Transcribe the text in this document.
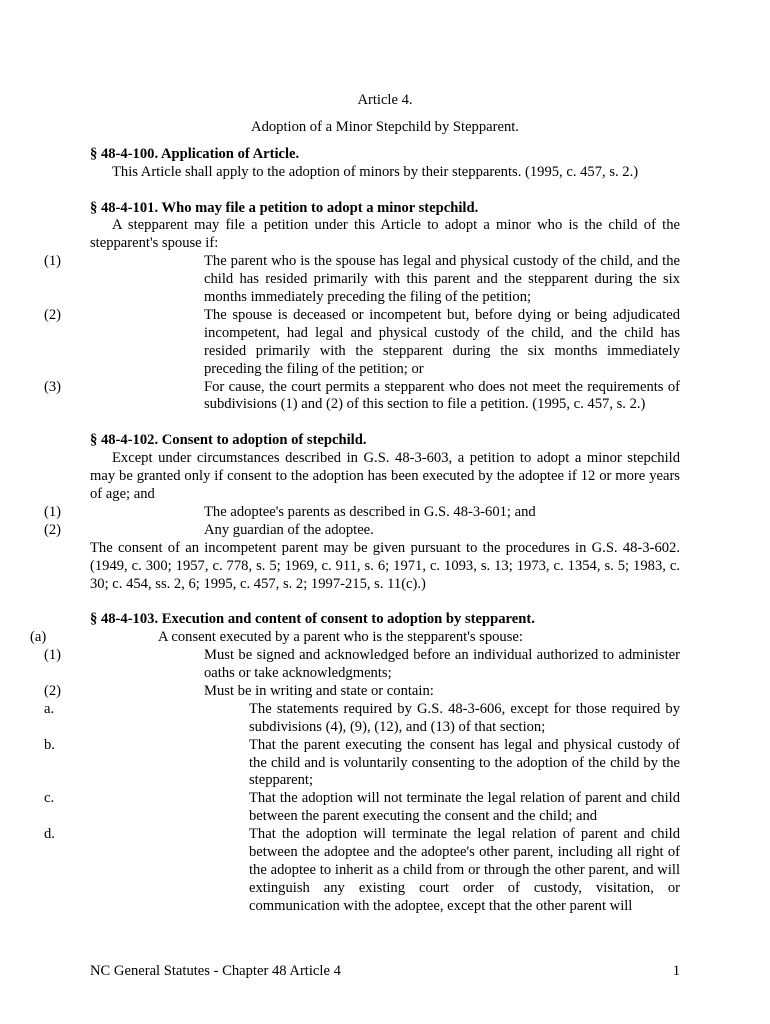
Article 4.

Adoption of a Minor Stepchild by Stepparent.

§ 48-4-100. Application of Article.

This Article shall apply to the adoption of minors by their stepparents. (1995, c. 457, s. 2.)

§ 48-4-101. Who may file a petition to adopt a minor stepchild.

A stepparent may file a petition under this Article to adopt a minor who is the child of the stepparent's spouse if:

(1)	The parent who is the spouse has legal and physical custody of the child, and the child has resided primarily with this parent and the stepparent during the six months immediately preceding the filing of the petition;
(2)	The spouse is deceased or incompetent but, before dying or being adjudicated incompetent, had legal and physical custody of the child, and the child has resided primarily with the stepparent during the six months immediately preceding the filing of the petition; or
(3)	For cause, the court permits a stepparent who does not meet the requirements of subdivisions (1) and (2) of this section to file a petition. (1995, c. 457, s. 2.)

§ 48-4-102. Consent to adoption of stepchild.

Except under circumstances described in G.S. 48-3-603, a petition to adopt a minor stepchild may be granted only if consent to the adoption has been executed by the adoptee if 12 or more years of age; and

(1)	The adoptee's parents as described in G.S. 48-3-601; and
(2)	Any guardian of the adoptee.

The consent of an incompetent parent may be given pursuant to the procedures in G.S. 48-3-602. (1949, c. 300; 1957, c. 778, s. 5; 1969, c. 911, s. 6; 1971, c. 1093, s. 13; 1973, c. 1354, s. 5; 1983, c. 30; c. 454, ss. 2, 6; 1995, c. 457, s. 2; 1997-215, s. 11(c).)

§ 48-4-103. Execution and content of consent to adoption by stepparent.

(a)	A consent executed by a parent who is the stepparent's spouse:
(1)	Must be signed and acknowledged before an individual authorized to administer oaths or take acknowledgments;
(2)	Must be in writing and state or contain:
a.	The statements required by G.S. 48-3-606, except for those required by subdivisions (4), (9), (12), and (13) of that section;
b.	That the parent executing the consent has legal and physical custody of the child and is voluntarily consenting to the adoption of the child by the stepparent;
c.	That the adoption will not terminate the legal relation of parent and child between the parent executing the consent and the child; and
d.	That the adoption will terminate the legal relation of parent and child between the adoptee and the adoptee's other parent, including all right of the adoptee to inherit as a child from or through the other parent, and will extinguish any existing court order of custody, visitation, or communication with the adoptee, except that the other parent will
NC General Statutes - Chapter 48 Article 4	1
